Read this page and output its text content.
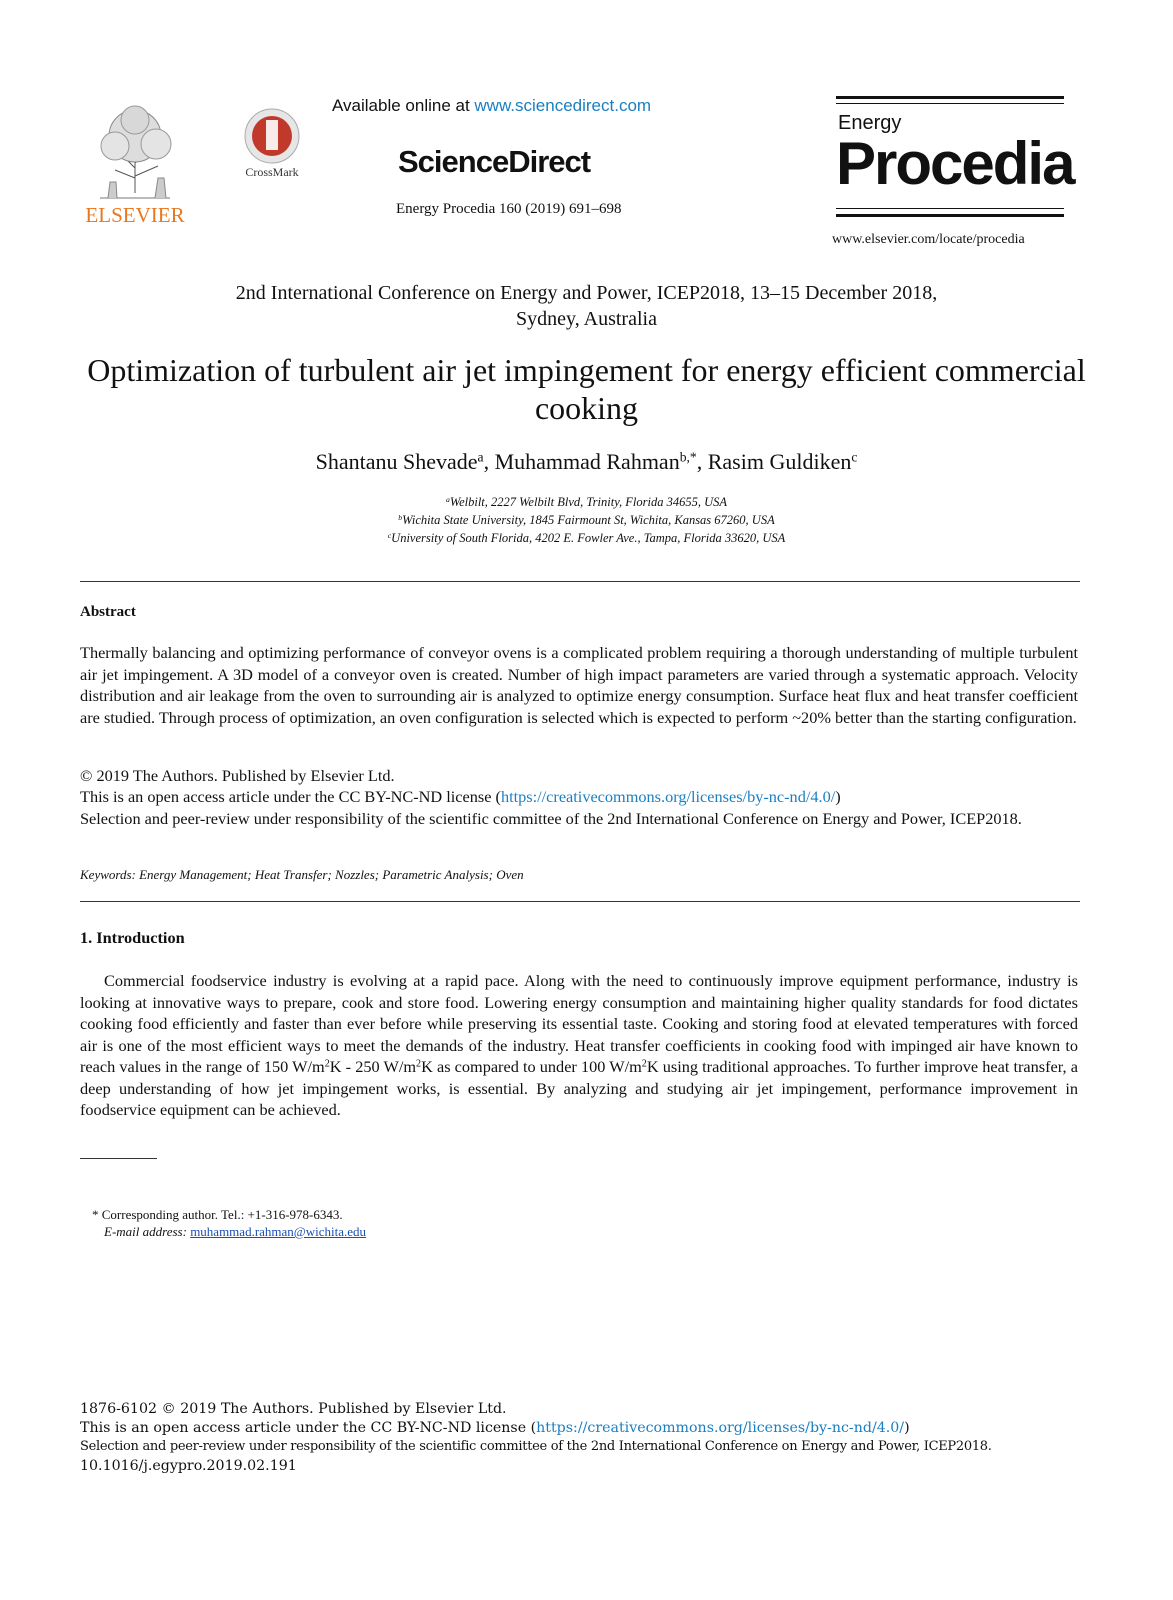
ELSEVIER
CrossMark
Available online at www.sciencedirect.com
ScienceDirect
Energy Procedia 160 (2019) 691–698
Energy
Procedia
www.elsevier.com/locate/procedia
2nd International Conference on Energy and Power, ICEP2018, 13–15 December 2018,
Sydney, Australia
Optimization of turbulent air jet impingement for energy efficient commercial cooking
Shantanu Shevade$^a$, Muhammad Rahman$^{b,*}$, Rasim Guldiken$^c$
$^a$Welbilt, 2227 Welbilt Blvd, Trinity, Florida 34655, USA
$^b$Wichita State University, 1845 Fairmount St, Wichita, Kansas 67260, USA
$^c$University of South Florida, 4202 E. Fowler Ave., Tampa, Florida 33620, USA
Abstract
Thermally balancing and optimizing performance of conveyor ovens is a complicated problem requiring a thorough understanding of multiple turbulent air jet impingement. A 3D model of a conveyor oven is created. Number of high impact parameters are varied through a systematic approach. Velocity distribution and air leakage from the oven to surrounding air is analyzed to optimize energy consumption. Surface heat flux and heat transfer coefficient are studied. Through process of optimization, an oven configuration is selected which is expected to perform ~20% better than the starting configuration.
© 2019 The Authors. Published by Elsevier Ltd.
This is an open access article under the CC BY-NC-ND license (https://creativecommons.org/licenses/by-nc-nd/4.0/)
Selection and peer-review under responsibility of the scientific committee of the 2nd International Conference on Energy and Power, ICEP2018.
Keywords: Energy Management; Heat Transfer; Nozzles; Parametric Analysis; Oven
1. Introduction
Commercial foodservice industry is evolving at a rapid pace. Along with the need to continuously improve equipment performance, industry is looking at innovative ways to prepare, cook and store food. Lowering energy consumption and maintaining higher quality standards for food dictates cooking food efficiently and faster than ever before while preserving its essential taste. Cooking and storing food at elevated temperatures with forced air is one of the most efficient ways to meet the demands of the industry. Heat transfer coefficients in cooking food with impinged air have known to reach values in the range of 150 $W/m^2K - 250$ $W/m^2K$ as compared to under 100 $W/m^2K$ using traditional approaches. To further improve heat transfer, a deep understanding of how jet impingement works, is essential. By analyzing and studying air jet impingement, performance improvement in foodservice equipment can be achieved.
* Corresponding author. Tel.: +1-316-978-6343.
E-mail address: muhammad.rahman@wichita.edu
1876-6102 © 2019 The Authors. Published by Elsevier Ltd.
This is an open access article under the CC BY-NC-ND license (https://creativecommons.org/licenses/by-nc-nd/4.0/)
Selection and peer-review under responsibility of the scientific committee of the 2nd International Conference on Energy and Power, ICEP2018.
10.1016/j.egypro.2019.02.191
